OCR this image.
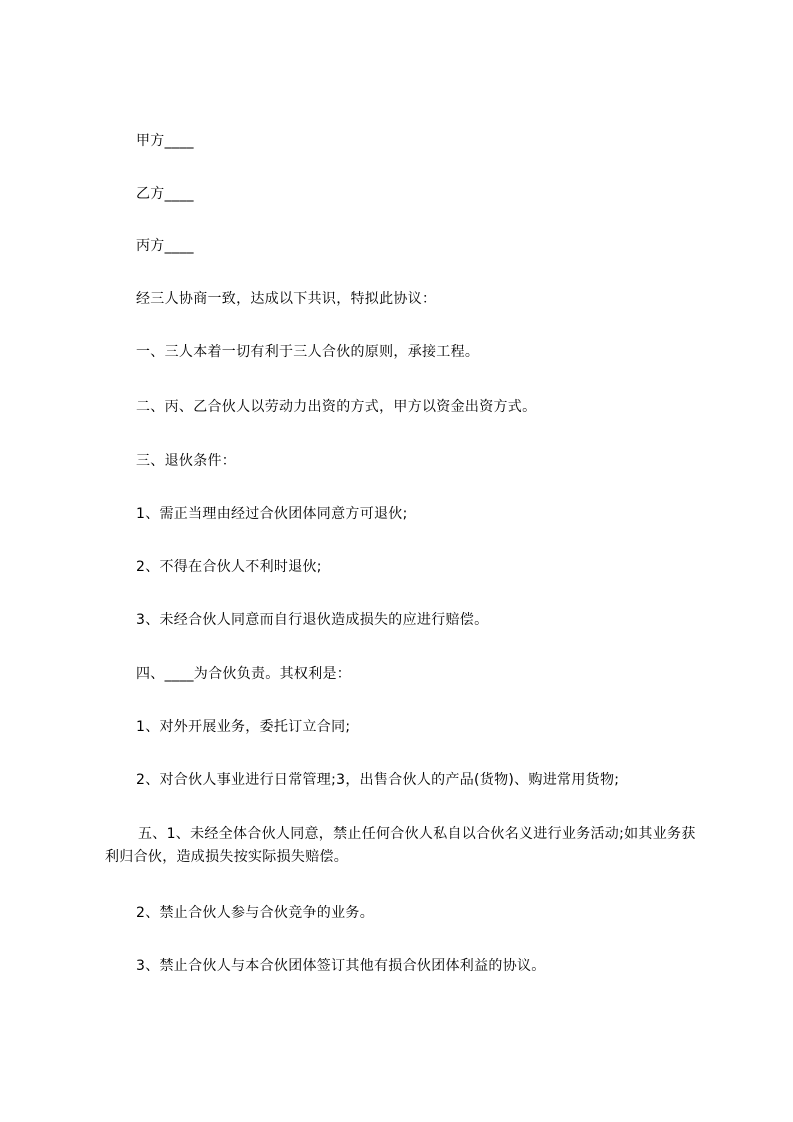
甲方____
乙方____
丙方____
经三人协商一致，达成以下共识，特拟此协议：
一、三人本着一切有利于三人合伙的原则，承接工程。
二、丙、乙合伙人以劳动力出资的方式，甲方以资金出资方式。
三、退伙条件：
1、需正当理由经过合伙团体同意方可退伙;
2、不得在合伙人不利时退伙;
3、未经合伙人同意而自行退伙造成损失的应进行赔偿。
四、____为合伙负责。其权利是：
1、对外开展业务，委托订立合同;
2、对合伙人事业进行日常管理;3，出售合伙人的产品(货物)、购进常用货物;
五、1、未经全体合伙人同意，禁止任何合伙人私自以合伙名义进行业务活动;如其业务获利归合伙，造成损失按实际损失赔偿。
2、禁止合伙人参与合伙竞争的业务。
3、禁止合伙人与本合伙团体签订其他有损合伙团体利益的协议。
